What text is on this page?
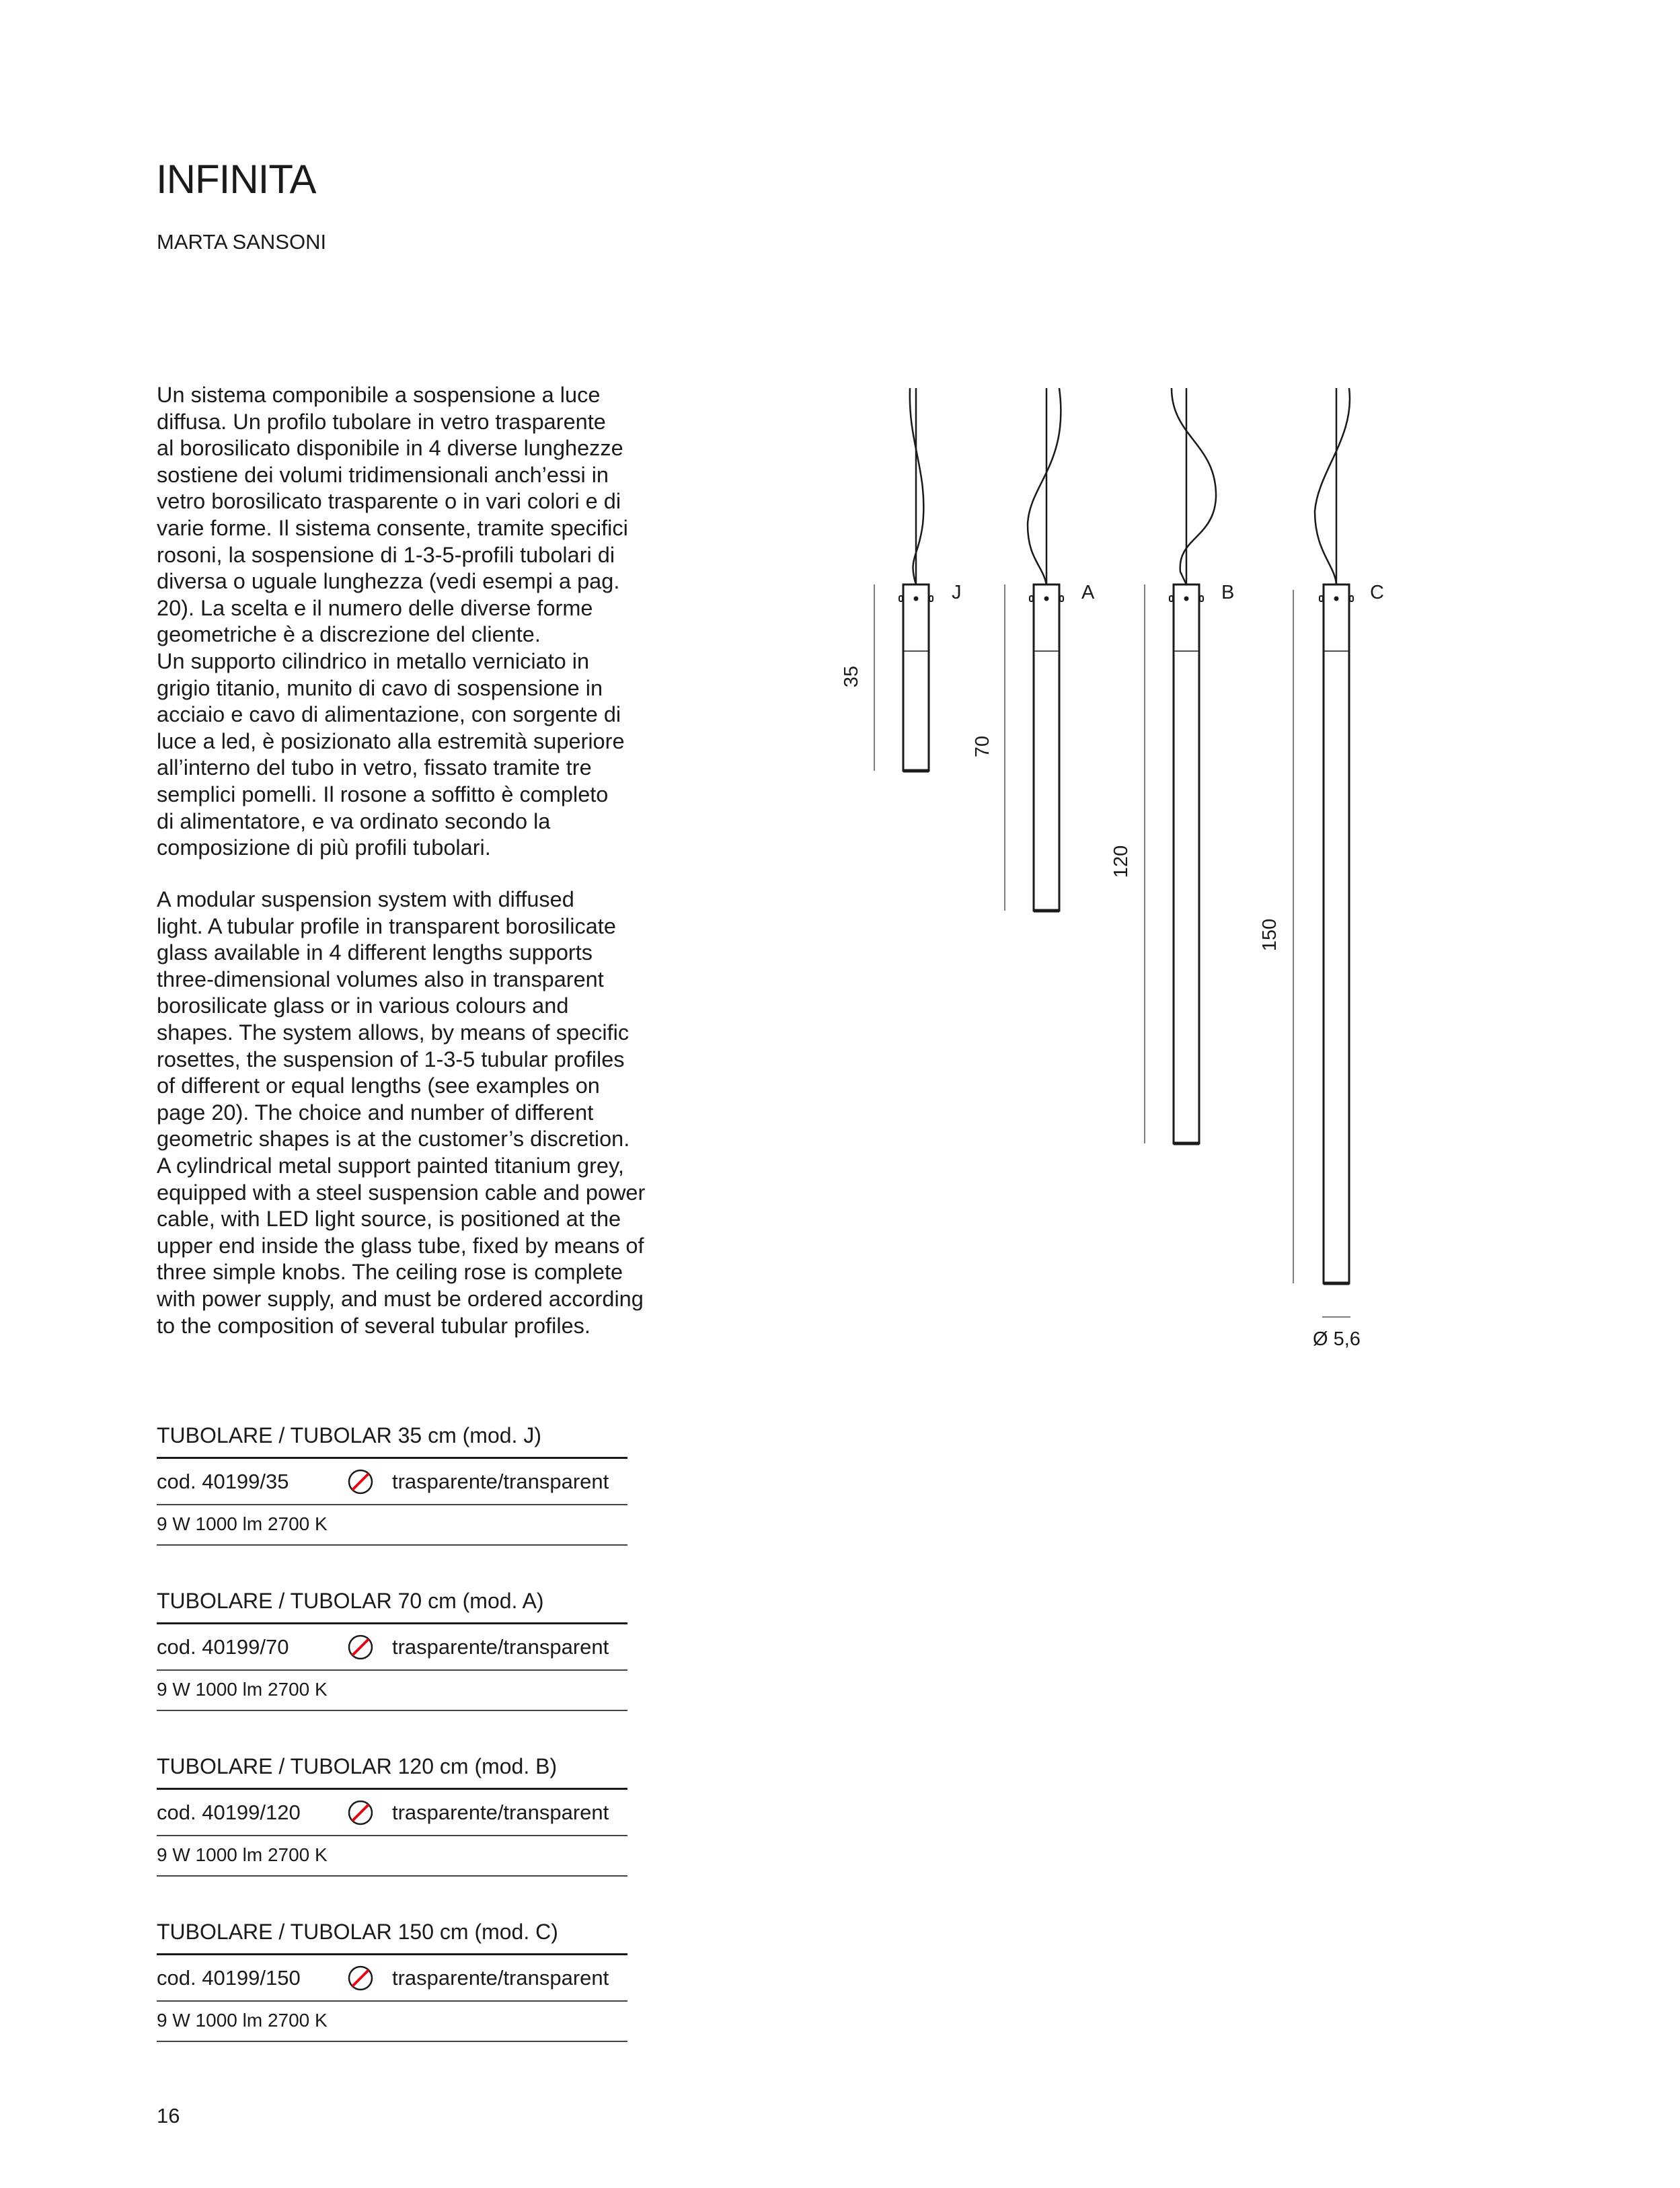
INFINITA
MARTA SANSONI
Un sistema componibile a sospensione a luce
diffusa. Un profilo tubolare in vetro trasparente
al borosilicato disponibile in 4 diverse lunghezze
sostiene dei volumi tridimensionali anch’essi in
vetro borosilicato trasparente o in vari colori e di
varie forme. Il sistema consente, tramite specifici
rosoni, la sospensione di 1-3-5-profili tubolari di
diversa o uguale lunghezza (vedi esempi a pag.
20). La scelta e il numero delle diverse forme
geometriche è a discrezione del cliente.
Un supporto cilindrico in metallo verniciato in
grigio titanio, munito di cavo di sospensione in
acciaio e cavo di alimentazione, con sorgente di
luce a led, è posizionato alla estremità superiore
all’interno del tubo in vetro, fissato tramite tre
semplici pomelli. Il rosone a soffitto è completo
di alimentatore, e va ordinato secondo la
composizione di più profili tubolari.
A modular suspension system with diffused
light. A tubular profile in transparent borosilicate
glass available in 4 different lengths supports
three-dimensional volumes also in transparent
borosilicate glass or in various colours and
shapes. The system allows, by means of specific
rosettes, the suspension of 1-3-5 tubular profiles
of different or equal lengths (see examples on
page 20). The choice and number of different
geometric shapes is at the customer’s discretion.
A cylindrical metal support painted titanium grey,
equipped with a steel suspension cable and power
cable, with LED light source, is positioned at the
upper end inside the glass tube, fixed by means of
three simple knobs. The ceiling rose is complete
with power supply, and must be ordered according
to the composition of several tubular profiles.
J	A	B	C
35
70
120
150
Ø 5,6
TUBOLARE / TUBOLAR 35 cm (mod. J)
cod. 40199/35	trasparente/transparent
9 W 1000 lm 2700 K
TUBOLARE / TUBOLAR 70 cm (mod. A)
cod. 40199/70	trasparente/transparent
9 W 1000 lm 2700 K
TUBOLARE / TUBOLAR 120 cm (mod. B)
cod. 40199/120	trasparente/transparent
9 W 1000 lm 2700 K
TUBOLARE / TUBOLAR 150 cm (mod. C)
cod. 40199/150	trasparente/transparent
9 W 1000 lm 2700 K
16
